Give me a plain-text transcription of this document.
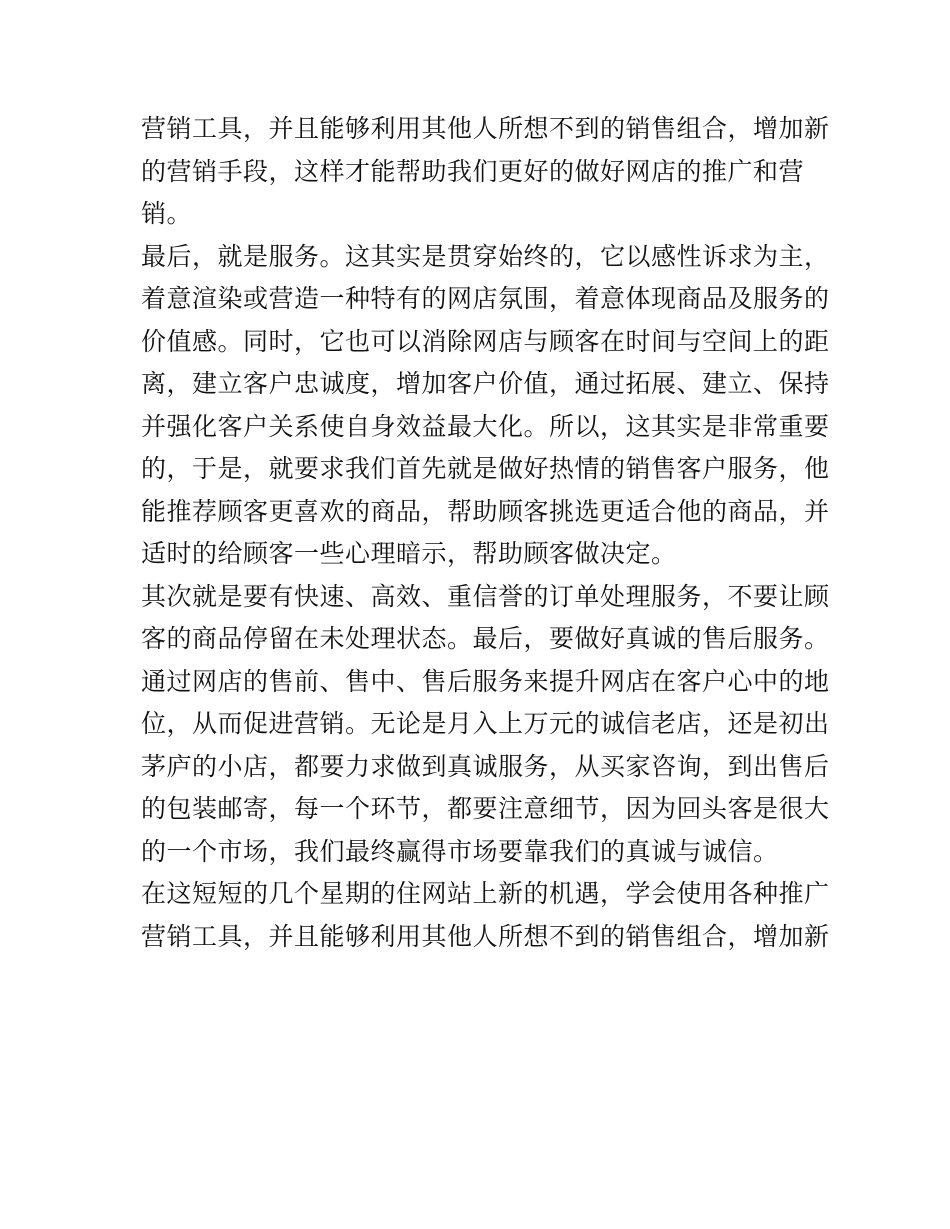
营销工具，并且能够利用其他人所想不到的销售组合，增加新
的营销手段，这样才能帮助我们更好的做好网店的推广和营
销。
最后，就是服务。这其实是贯穿始终的，它以感性诉求为主，
着意渲染或营造一种特有的网店氛围，着意体现商品及服务的
价值感。同时，它也可以消除网店与顾客在时间与空间上的距
离，建立客户忠诚度，增加客户价值，通过拓展、建立、保持
并强化客户关系使自身效益最大化。所以，这其实是非常重要
的，于是，就要求我们首先就是做好热情的销售客户服务，他
能推荐顾客更喜欢的商品，帮助顾客挑选更适合他的商品，并
适时的给顾客一些心理暗示，帮助顾客做决定。
其次就是要有快速、高效、重信誉的订单处理服务，不要让顾
客的商品停留在未处理状态。最后，要做好真诚的售后服务。
通过网店的售前、售中、售后服务来提升网店在客户心中的地
位，从而促进营销。无论是月入上万元的诚信老店，还是初出
茅庐的小店，都要力求做到真诚服务，从买家咨询，到出售后
的包装邮寄，每一个环节，都要注意细节，因为回头客是很大
的一个市场，我们最终赢得市场要靠我们的真诚与诚信。
在这短短的几个星期的住网站上新的机遇，学会使用各种推广
营销工具，并且能够利用其他人所想不到的销售组合，增加新
